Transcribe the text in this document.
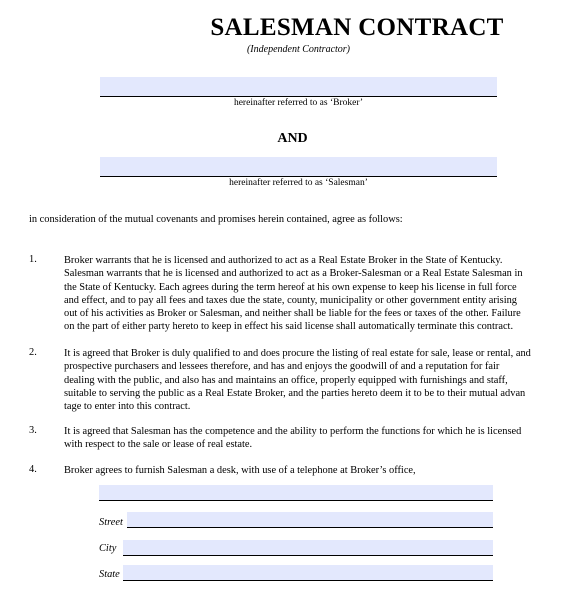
SALESMAN CONTRACT
(Independent Contractor)
hereinafter referred to as ‘Broker’
AND
hereinafter referred to as ‘Salesman’
in consideration of the mutual covenants and promises herein contained, agree as follows:
1.	Broker warrants that he is licensed and authorized to act as a Real Estate Broker in the State of Kentucky.
Salesman warrants that he is licensed and authorized to act as a Broker-Salesman or a Real Estate Salesman in
the State of Kentucky. Each agrees during the term hereof at his own expense to keep his license in full force
and effect, and to pay all fees and taxes due the state, county, municipality or other government entity arising
out of his activities as Broker or Salesman, and neither shall be liable for the fees or taxes of the other. Failure
on the part of either party hereto to keep in effect his said license shall automatically terminate this contract.
2.	It is agreed that Broker is duly qualified to and does procure the listing of real estate for sale, lease or rental, and
prospective purchasers and lessees therefore, and has and enjoys the goodwill of and a reputation for fair
dealing with the public, and also has and maintains an office, properly equipped with furnishings and staff,
suitable to serving the public as a Real Estate Broker, and the parties hereto deem it to be to their mutual advan
tage to enter into this contract.
3.	It is agreed that Salesman has the competence and the ability to perform the functions for which he is licensed
with respect to the sale or lease of real estate.
4.	Broker agrees to furnish Salesman a desk, with use of a telephone at Broker’s office,
Street
City
State
